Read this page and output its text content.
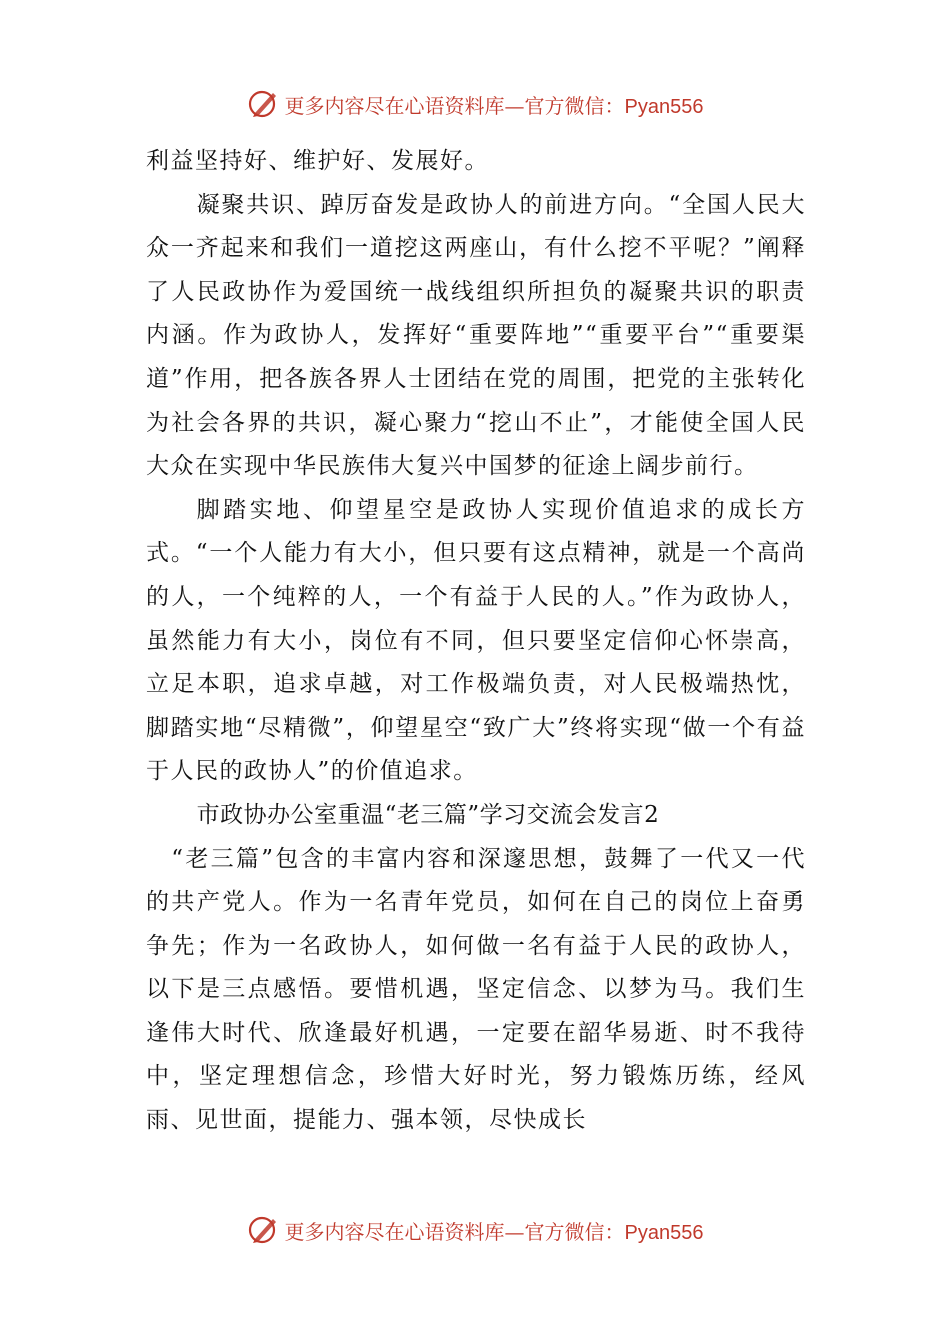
更多内容尽在心语资料库—官方微信：Pyan556

利益坚持好、维护好、发展好。

凝聚共识、踔厉奋发是政协人的前进方向。“全国人民大众一齐起来和我们一道挖这两座山，有什么挖不平呢？”阐释了人民政协作为爱国统一战线组织所担负的凝聚共识的职责内涵。作为政协人，发挥好“重要阵地”“重要平台”“重要渠道”作用，把各族各界人士团结在党的周围，把党的主张转化为社会各界的共识，凝心聚力“挖山不止”，才能使全国人民大众在实现中华民族伟大复兴中国梦的征途上阔步前行。

脚踏实地、仰望星空是政协人实现价值追求的成长方式。“一个人能力有大小，但只要有这点精神，就是一个高尚的人，一个纯粹的人，一个有益于人民的人。”作为政协人，虽然能力有大小，岗位有不同，但只要坚定信仰心怀崇高，立足本职，追求卓越，对工作极端负责，对人民极端热忱，脚踏实地“尽精微”，仰望星空“致广大”终将实现“做一个有益于人民的政协人”的价值追求。

市政协办公室重温“老三篇”学习交流会发言2

“老三篇”包含的丰富内容和深邃思想，鼓舞了一代又一代的共产党人。作为一名青年党员，如何在自己的岗位上奋勇争先；作为一名政协人，如何做一名有益于人民的政协人，以下是三点感悟。要惜机遇，坚定信念、以梦为马。我们生逢伟大时代、欣逢最好机遇，一定要在韶华易逝、时不我待中，坚定理想信念，珍惜大好时光，努力锻炼历练，经风雨、见世面，提能力、强本领，尽快成长

更多内容尽在心语资料库—官方微信：Pyan556
